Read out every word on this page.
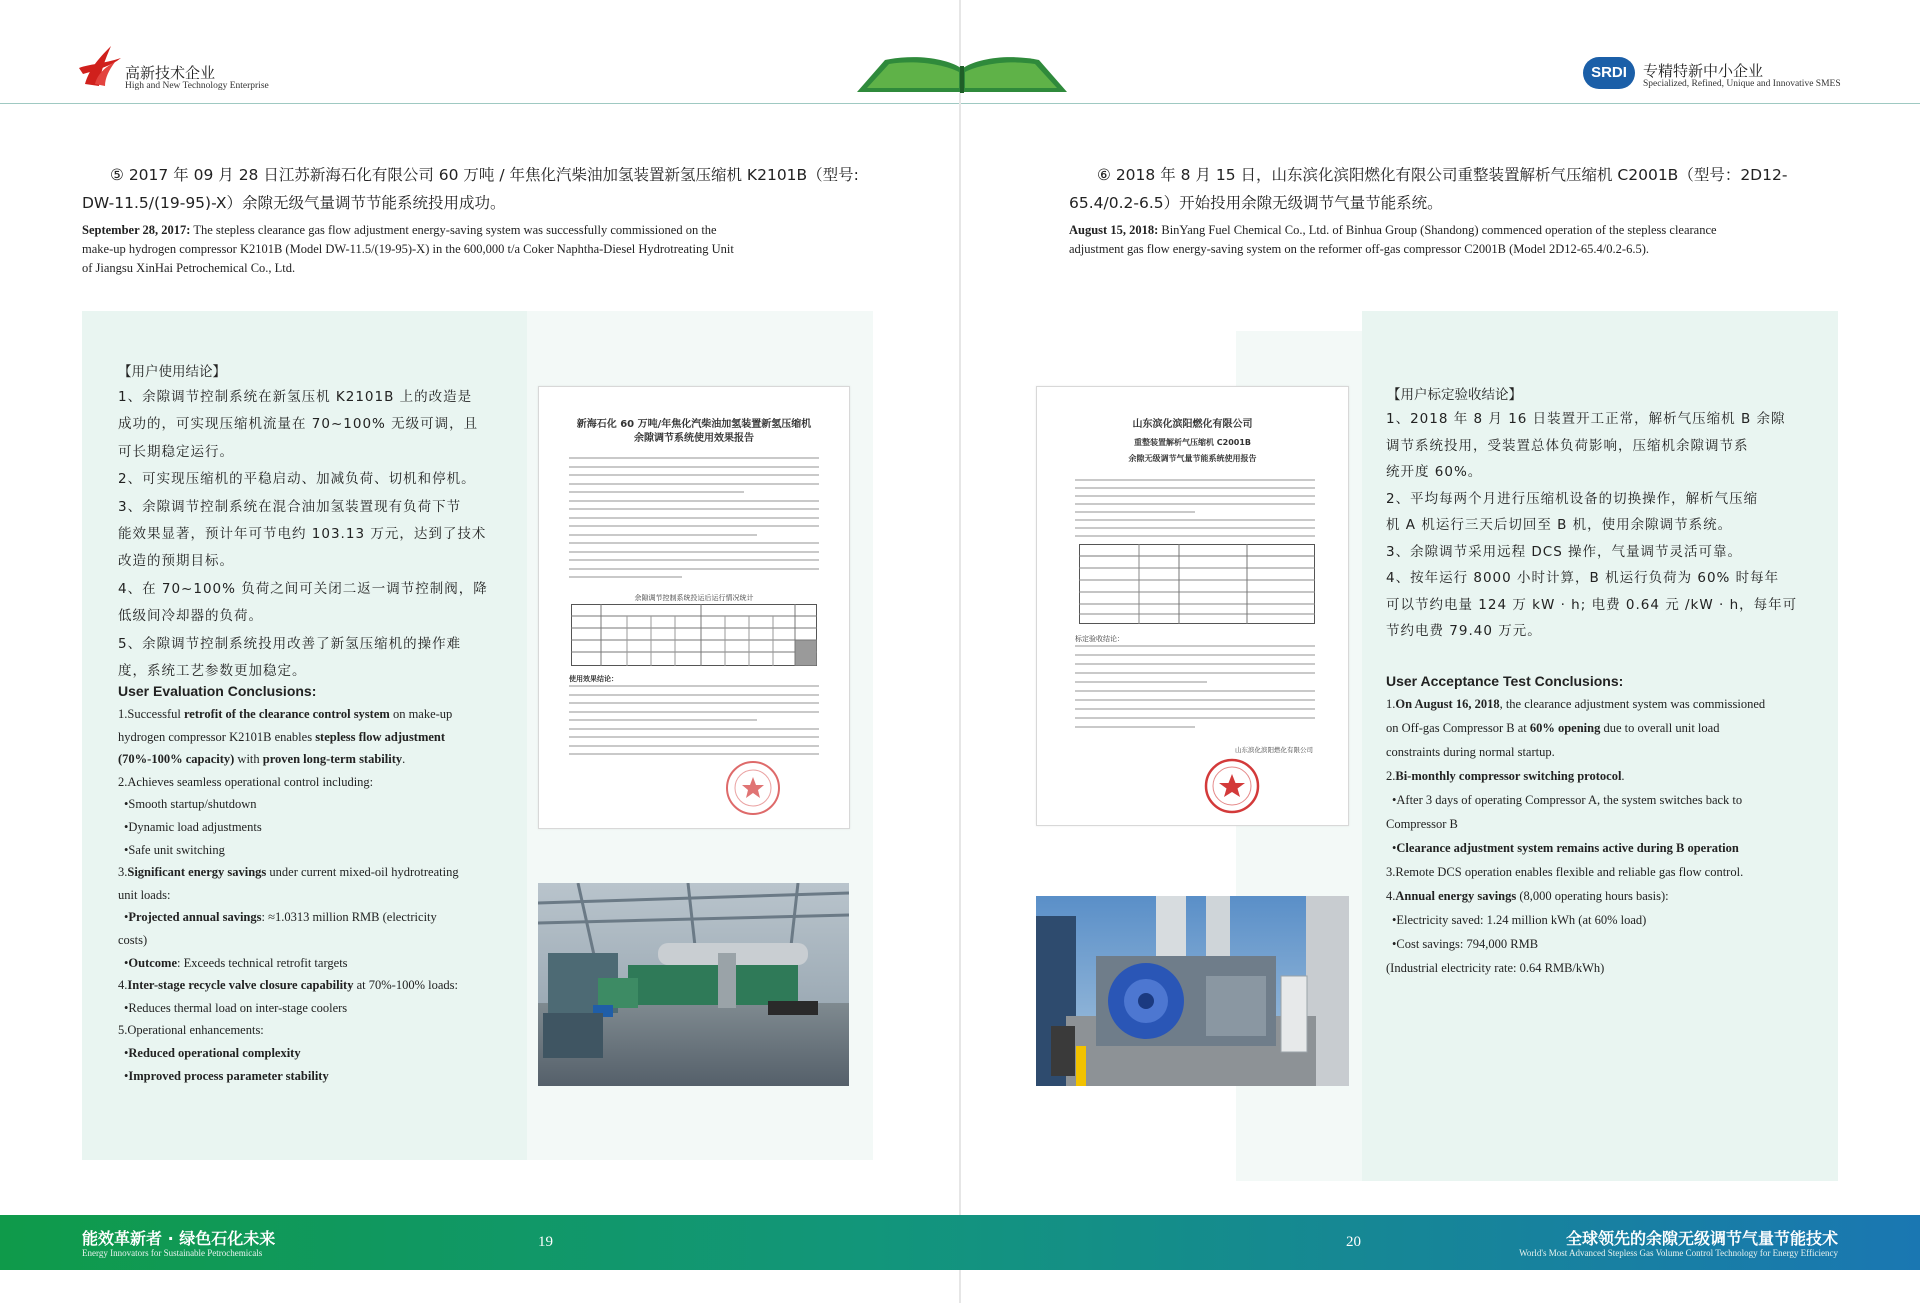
高新技术企业
High and New Technology Enterprise
SRDI	专精特新中小企业
Specialized, Refined, Unique and Innovative SMES
⑤ 2017 年 09 月 28 日江苏新海石化有限公司 60 万吨 / 年焦化汽柴油加氢装置新氢压缩机 K2101B（型号:
DW-11.5/(19-95)-X）余隙无级气量调节节能系统投用成功。
September 28, 2017: The stepless clearance gas flow adjustment energy-saving system was successfully commissioned on the
make-up hydrogen compressor K2101B (Model DW-11.5/(19-95)-X) in the 600,000 t/a Coker Naphtha-Diesel Hydrotreating Unit
of Jiangsu XinHai Petrochemical Co., Ltd.
【用户使用结论】
1、余隙调节控制系统在新氢压机 K2101B 上的改造是
成功的，可实现压缩机流量在 70~100% 无级可调，且
可长期稳定运行。
2、可实现压缩机的平稳启动、加减负荷、切机和停机。
3、余隙调节控制系统在混合油加氢装置现有负荷下节
能效果显著，预计年可节电约 103.13 万元，达到了技术
改造的预期目标。
4、在 70~100% 负荷之间可关闭二返一调节控制阀，降
低级间冷却器的负荷。
5、余隙调节控制系统投用改善了新氢压缩机的操作难
度，系统工艺参数更加稳定。
User Evaluation Conclusions:
1.Successful retrofit of the clearance control system on make-up
hydrogen compressor K2101B enables stepless flow adjustment
(70%-100% capacity) with proven long-term stability.
2.Achieves seamless operational control including:
•Smooth startup/shutdown
•Dynamic load adjustments
•Safe unit switching
3.Significant energy savings under current mixed-oil hydrotreating
unit loads:
•Projected annual savings: ≈1.0313 million RMB (electricity
costs)
•Outcome: Exceeds technical retrofit targets
4.Inter-stage recycle valve closure capability at 70%-100% loads:
•Reduces thermal load on inter-stage coolers
5.Operational enhancements:
•Reduced operational complexity
•Improved process parameter stability
新海石化 60 万吨/年焦化汽柴油加氢装置新氢压缩机
余隙调节系统使用效果报告
余隙调节控制系统投运后运行情况统计
使用效果结论：
⑥ 2018 年 8 月 15 日，山东滨化滨阳燃化有限公司重整装置解析气压缩机 C2001B（型号：2D12-
65.4/0.2-6.5）开始投用余隙无级调节气量节能系统。
August 15, 2018: BinYang Fuel Chemical Co., Ltd. of Binhua Group (Shandong) commenced operation of the stepless clearance
adjustment gas flow energy-saving system on the reformer off-gas compressor C2001B (Model 2D12-65.4/0.2-6.5).
【用户标定验收结论】
1、2018 年 8 月 16 日装置开工正常，解析气压缩机 B 余隙
调节系统投用，受装置总体负荷影响，压缩机余隙调节系
统开度 60%。
2、平均每两个月进行压缩机设备的切换操作，解析气压缩
机 A 机运行三天后切回至 B 机，使用余隙调节系统。
3、余隙调节采用远程 DCS 操作，气量调节灵活可靠。
4、按年运行 8000 小时计算，B 机运行负荷为 60% 时每年
可以节约电量 124 万 kW · h; 电费 0.64 元 /kW · h，每年可
节约电费 79.40 万元。
User Acceptance Test Conclusions:
1.On August 16, 2018, the clearance adjustment system was commissioned
on Off-gas Compressor B at 60% opening due to overall unit load
constraints during normal startup.
2.Bi-monthly compressor switching protocol.
•After 3 days of operating Compressor A, the system switches back to
Compressor B
•Clearance adjustment system remains active during B operation
3.Remote DCS operation enables flexible and reliable gas flow control.
4.Annual energy savings (8,000 operating hours basis):
•Electricity saved: 1.24 million kWh (at 60% load)
•Cost savings: 794,000 RMB
(Industrial electricity rate: 0.64 RMB/kWh)
山东滨化滨阳燃化有限公司
重整装置解析气压缩机 C2001B
余隙无级调节气量节能系统使用报告
标定验收结论：
山东滨化滨阳燃化有限公司
能效革新者 · 绿色石化未来
Energy Innovators for Sustainable Petrochemicals
19	20	全球领先的余隙无级调节气量节能技术
World's Most Advanced Stepless Gas Volume Control Technology for Energy Efficiency
